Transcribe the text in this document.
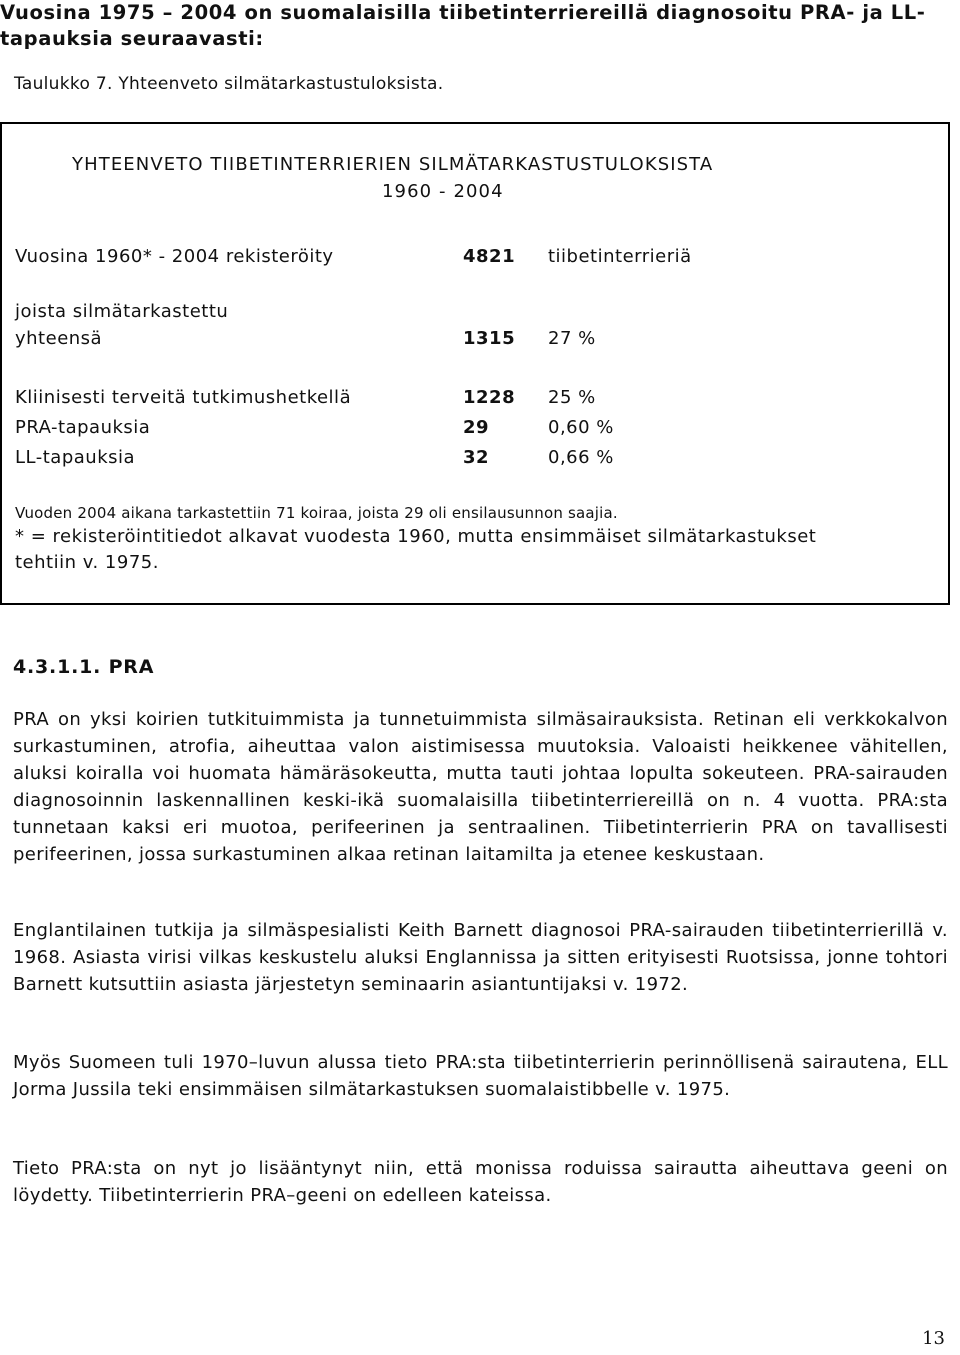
Vuosina 1975 – 2004 on suomalaisilla tiibetinterriereillä diagnosoitu PRA- ja LL-tapauksia seuraavasti:
Taulukko 7. Yhteenveto silmätarkastustuloksista.
YHTEENVETO TIIBETINTERRIERIEN SILMÄTARKASTUSTULOKSISTA
1960 - 2004
Vuosina 1960* - 2004 rekisteröity	4821 tiibetinterrieriä
joista silmätarkastettu
yhteensä	1315 27 %
Kliinisesti terveitä tutkimushetkellä	1228 25 %
PRA-tapauksia	29	0,60 %
LL-tapauksia	32	0,66 %
Vuoden 2004 aikana tarkastettiin 71 koiraa, joista 29 oli ensilausunnon saajia.
* = rekisteröintitiedot alkavat vuodesta 1960, mutta ensimmäiset silmätarkastukset
tehtiin v. 1975.
4.3.1.1. PRA
PRA on yksi koirien tutkituimmista ja tunnetuimmista silmäsairauksista. Retinan eli verkkokalvon surkastuminen, atrofia, aiheuttaa valon aistimisessa muutoksia. Valoaisti heikkenee vähitellen, aluksi koiralla voi huomata hämäräsokeutta, mutta tauti johtaa lopulta sokeuteen. PRA-sairauden diagnosoinnin laskennallinen keski-ikä suomalaisilla tiibetinterriereillä on n. 4 vuotta. PRA:sta tunnetaan kaksi eri muotoa, perifeerinen ja sentraalinen. Tiibetinterrierin PRA on tavallisesti perifeerinen, jossa surkastuminen alkaa retinan laitamilta ja etenee keskustaan.
Englantilainen tutkija ja silmäspesialisti Keith Barnett diagnosoi PRA-sairauden tiibetinterrierillä v. 1968. Asiasta virisi vilkas keskustelu aluksi Englannissa ja sitten erityisesti Ruotsissa, jonne tohtori Barnett kutsuttiin asiasta järjestetyn seminaarin asiantuntijaksi v. 1972.
Myös Suomeen tuli 1970–luvun alussa tieto PRA:sta tiibetinterrierin perinnöllisenä sairautena, ELL Jorma Jussila teki ensimmäisen silmätarkastuksen suomalaistibbelle v. 1975.
Tieto PRA:sta on nyt jo lisääntynyt niin, että monissa roduissa sairautta aiheuttava geeni on löydetty. Tiibetinterrierin PRA–geeni on edelleen kateissa.
13
